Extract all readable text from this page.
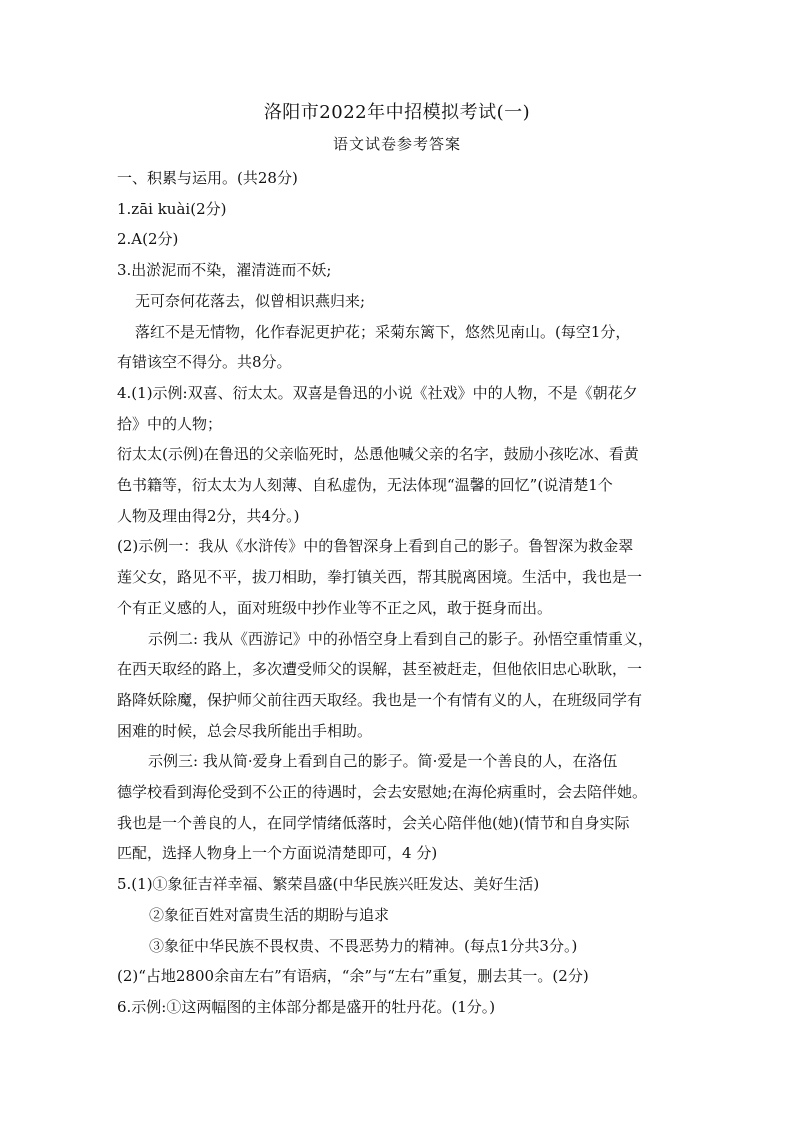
洛阳市2022年中招模拟考试(一)
语文试卷参考答案

一、积累与运用。(共28分)

1.zāi kuài(2分)

2.A(2分)

3.出淤泥而不染，濯清涟而不妖;

无可奈何花落去，似曾相识燕归来;

落红不是无情物，化作春泥更护花；采菊东篱下，悠然见南山。(每空1分，

有错该空不得分。共8分。

4.(1)示例:双喜、衍太太。双喜是鲁迅的小说《社戏》中的人物，不是《朝花夕

拾》中的人物；

衍太太(示例)在鲁迅的父亲临死时，怂恿他喊父亲的名字，鼓励小孩吃冰、看黄

色书籍等，衍太太为人刻薄、自私虚伪，无法体现“温馨的回忆”(说清楚1个

人物及理由得2分，共4分。)

(2)示例一：我从《水浒传》中的鲁智深身上看到自己的影子。鲁智深为救金翠

莲父女，路见不平，拔刀相助，拳打镇关西，帮其脱离困境。生活中，我也是一

个有正义感的人，面对班级中抄作业等不正之风，敢于挺身而出。

示例二: 我从《西游记》中的孙悟空身上看到自己的影子。孙悟空重情重义，

在西天取经的路上，多次遭受师父的误解，甚至被赶走，但他依旧忠心耿耿，一

路降妖除魔，保护师父前往西天取经。我也是一个有情有义的人，在班级同学有

困难的时候，总会尽我所能出手相助。

示例三: 我从简·爱身上看到自己的影子。简·爱是一个善良的人，在洛伍

德学校看到海伦受到不公正的待遇时，会去安慰她;在海伦病重时，会去陪伴她。

我也是一个善良的人，在同学情绪低落时，会关心陪伴他(她)(情节和自身实际

匹配，选择人物身上一个方面说清楚即可，4 分)

5.(1)①象征吉祥幸福、繁荣昌盛(中华民族兴旺发达、美好生活)

②象征百姓对富贵生活的期盼与追求

③象征中华民族不畏权贵、不畏恶势力的精神。(每点1分共3分。)

(2)“占地2800余亩左右”有语病，“余”与“左右”重复，删去其一。(2分)

6.示例:①这两幅图的主体部分都是盛开的牡丹花。(1分。)
